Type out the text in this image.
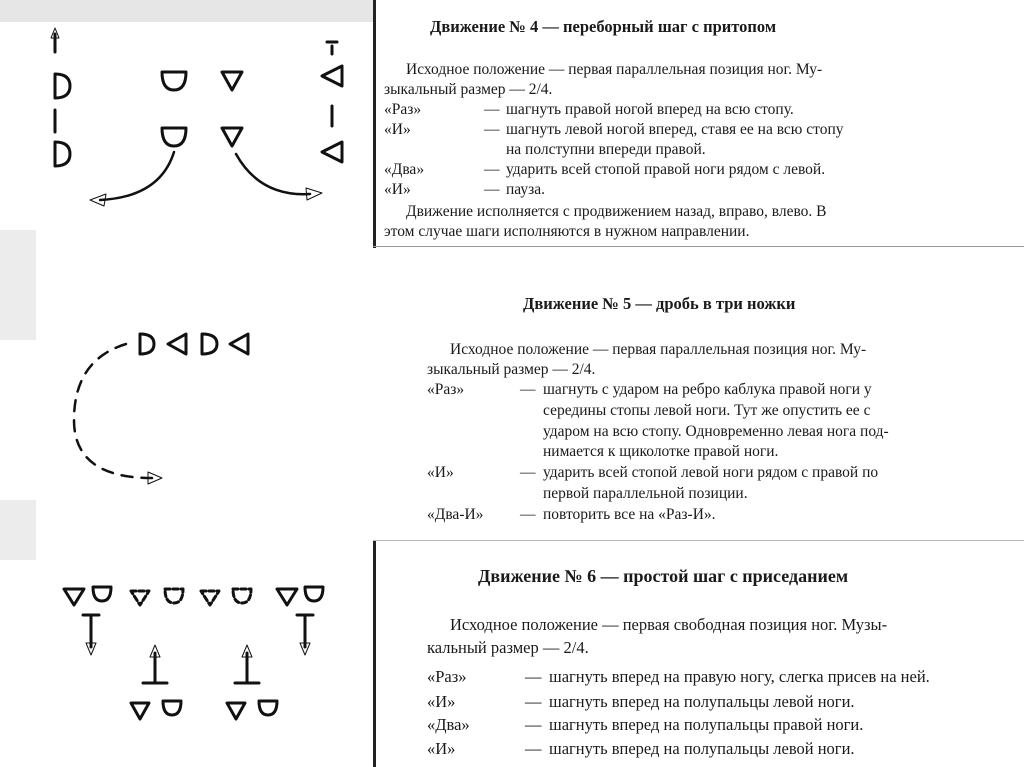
Движение № 4 — переборный шаг с притопом
Исходное положение — первая параллельная позиция ног. Му-
зыкальный размер — 2/4.
«Раз»	— шагнуть правой ногой вперед на всю стопу.
«И»	— шагнуть левой ногой вперед, ставя ее на всю стопу
на полступни впереди правой.
«Два»	— ударить всей стопой правой ноги рядом с левой.
«И»	— пауза.
Движение исполняется с продвижением назад, вправо, влево. В
этом случае шаги исполняются в нужном направлении.
Движение № 5 — дробь в три ножки
Исходное положение — первая параллельная позиция ног. Му-
зыкальный размер — 2/4.
«Раз»	— шагнуть с ударом на ребро каблука правой ноги у
середины стопы левой ноги. Тут же опустить ее с
ударом на всю стопу. Одновременно левая нога под-
нимается к щиколотке правой ноги.
«И»	— ударить всей стопой левой ноги рядом с правой по
первой параллельной позиции.
«Два-И» — повторить все на «Раз-И».
Движение № 6 — простой шаг с приседанием
Исходное положение — первая свободная позиция ног. Музы-
кальный размер — 2/4.
«Раз»	— шагнуть вперед на правую ногу, слегка присев на ней.
«И»	— шагнуть вперед на полупальцы левой ноги.
«Два»	— шагнуть вперед на полупальцы правой ноги.
«И»	— шагнуть вперед на полупальцы левой ноги.
